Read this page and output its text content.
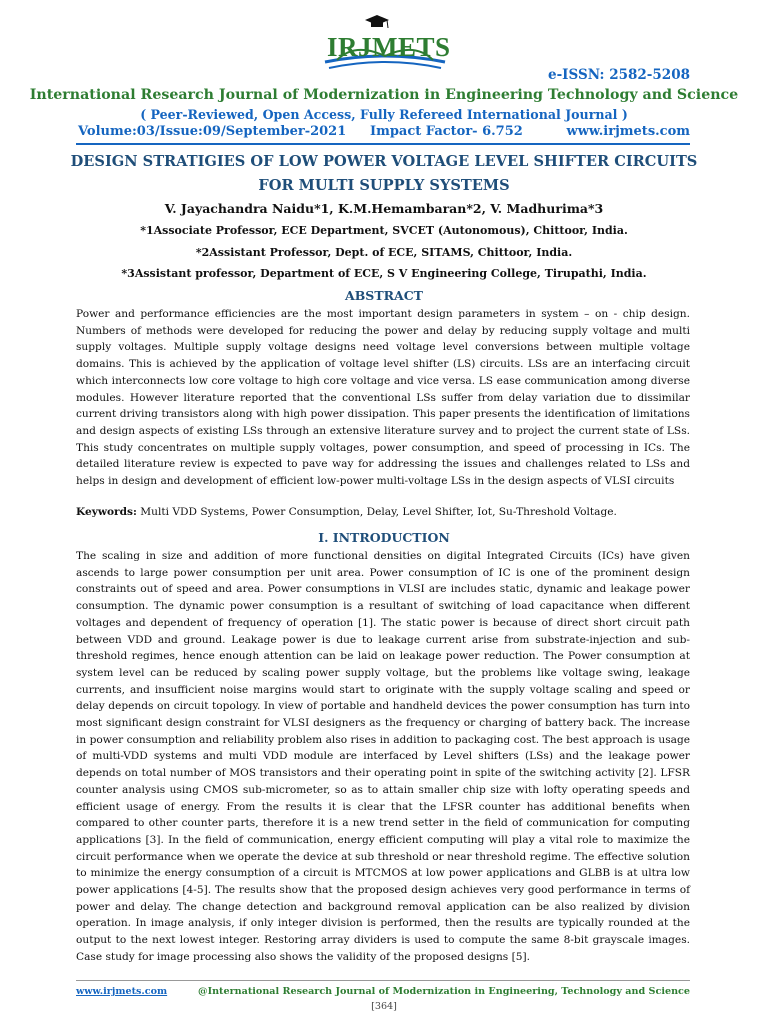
IRJMETS
e-ISSN: 2582-5208
International Research Journal of Modernization in Engineering Technology and Science
( Peer-Reviewed, Open Access, Fully Refereed International Journal )
Volume:03/Issue:09/September-2021 Impact Factor- 6.752	www.irjmets.com
DESIGN STRATIGIES OF LOW POWER VOLTAGE LEVEL SHIFTER CIRCUITS FOR MULTI SUPPLY SYSTEMS
V. Jayachandra Naidu*1, K.M.Hemambaran*2, V. Madhurima*3
*1Associate Professor, ECE Department, SVCET (Autonomous), Chittoor, India.
*2Assistant Professor, Dept. of ECE, SITAMS, Chittoor, India.
*3Assistant professor, Department of ECE, S V Engineering College, Tirupathi, India.
ABSTRACT
Power and performance efficiencies are the most important design parameters in system – on - chip design. Numbers of methods were developed for reducing the power and delay by reducing supply voltage and multi supply voltages. Multiple supply voltage designs need voltage level conversions between multiple voltage domains. This is achieved by the application of voltage level shifter (LS) circuits. LSs are an interfacing circuit which interconnects low core voltage to high core voltage and vice versa. LS ease communication among diverse modules. However literature reported that the conventional LSs suffer from delay variation due to dissimilar current driving transistors along with high power dissipation. This paper presents the identification of limitations and design aspects of existing LSs through an extensive literature survey and to project the current state of LSs. This study concentrates on multiple supply voltages, power consumption, and speed of processing in ICs. The detailed literature review is expected to pave way for addressing the issues and challenges related to LSs and helps in design and development of efficient low-power multi-voltage LSs in the design aspects of VLSI circuits
Keywords: Multi VDD Systems, Power Consumption, Delay, Level Shifter, Iot, Su-Threshold Voltage.
I. INTRODUCTION
The scaling in size and addition of more functional densities on digital Integrated Circuits (ICs) have given ascends to large power consumption per unit area. Power consumption of IC is one of the prominent design constraints out of speed and area. Power consumptions in VLSI are includes static, dynamic and leakage power consumption. The dynamic power consumption is a resultant of switching of load capacitance when different voltages and dependent of frequency of operation [1]. The static power is because of direct short circuit path between VDD and ground. Leakage power is due to leakage current arise from substrate-injection and sub-threshold regimes, hence enough attention can be laid on leakage power reduction. The Power consumption at system level can be reduced by scaling power supply voltage, but the problems like voltage swing, leakage currents, and insufficient noise margins would start to originate with the supply voltage scaling and speed or delay depends on circuit topology. In view of portable and handheld devices the power consumption has turn into most significant design constraint for VLSI designers as the frequency or charging of battery back. The increase in power consumption and reliability problem also rises in addition to packaging cost. The best approach is usage of multi-VDD systems and multi VDD module are interfaced by Level shifters (LSs) and the leakage power depends on total number of MOS transistors and their operating point in spite of the switching activity [2]. LFSR counter analysis using CMOS sub-micrometer, so as to attain smaller chip size with lofty operating speeds and efficient usage of energy. From the results it is clear that the LFSR counter has additional benefits when compared to other counter parts, therefore it is a new trend setter in the field of communication for computing applications [3]. In the field of communication, energy efficient computing will play a vital role to maximize the circuit performance when we operate the device at sub threshold or near threshold regime. The effective solution to minimize the energy consumption of a circuit is MTCMOS at low power applications and GLBB is at ultra low power applications [4-5]. The results show that the proposed design achieves very good performance in terms of power and delay. The change detection and background removal application can be also realized by division operation. In image analysis, if only integer division is performed, then the results are typically rounded at the output to the next lowest integer. Restoring array dividers is used to compute the same 8-bit grayscale images. Case study for image processing also shows the validity of the proposed designs [5].
www.irjmets.com	@International Research Journal of Modernization in Engineering, Technology and Science
[364]
